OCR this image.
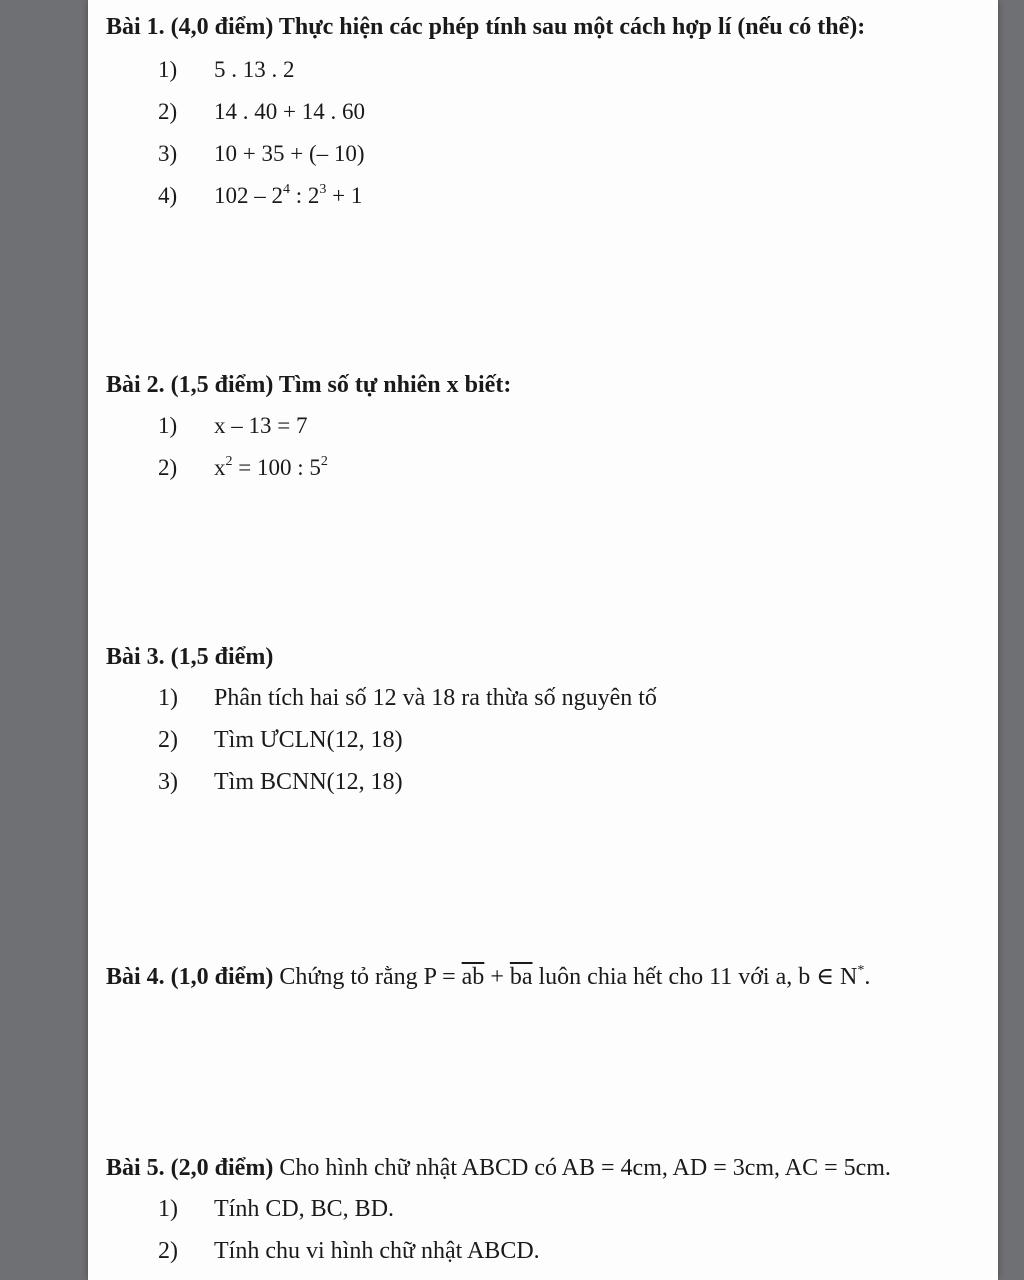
Bài 1. (4,0 điểm) Thực hiện các phép tính sau một cách hợp lí (nếu có thể):
1) 5 . 13 . 2
2) 14 . 40 + 14 . 60
3) 10 + 35 + (– 10)
4) $102 - 2^4$ : $2^3 + 1$
Bài 2. (1,5 điểm) Tìm số tự nhiên x biết:
1) x – 13 = 7
2) $x^2 = 100$ : $5^2$
Bài 3. (1,5 điểm)
1) Phân tích hai số 12 và 18 ra thừa số nguyên tố
2) Tìm ƯCLN(12, 18)
3) Tìm BCNN(12, 18)
Bài 4. (1,0 điểm) Chứng tỏ rằng $P = \overline{ab} + \overline{ba}$ luôn chia hết cho 11 với a, b ∈ N*.
Bài 5. (2,0 điểm) Cho hình chữ nhật ABCD có AB = 4cm, AD = 3cm, AC = 5cm.
1) Tính CD, BC, BD.
2) Tính chu vi hình chữ nhật ABCD.
